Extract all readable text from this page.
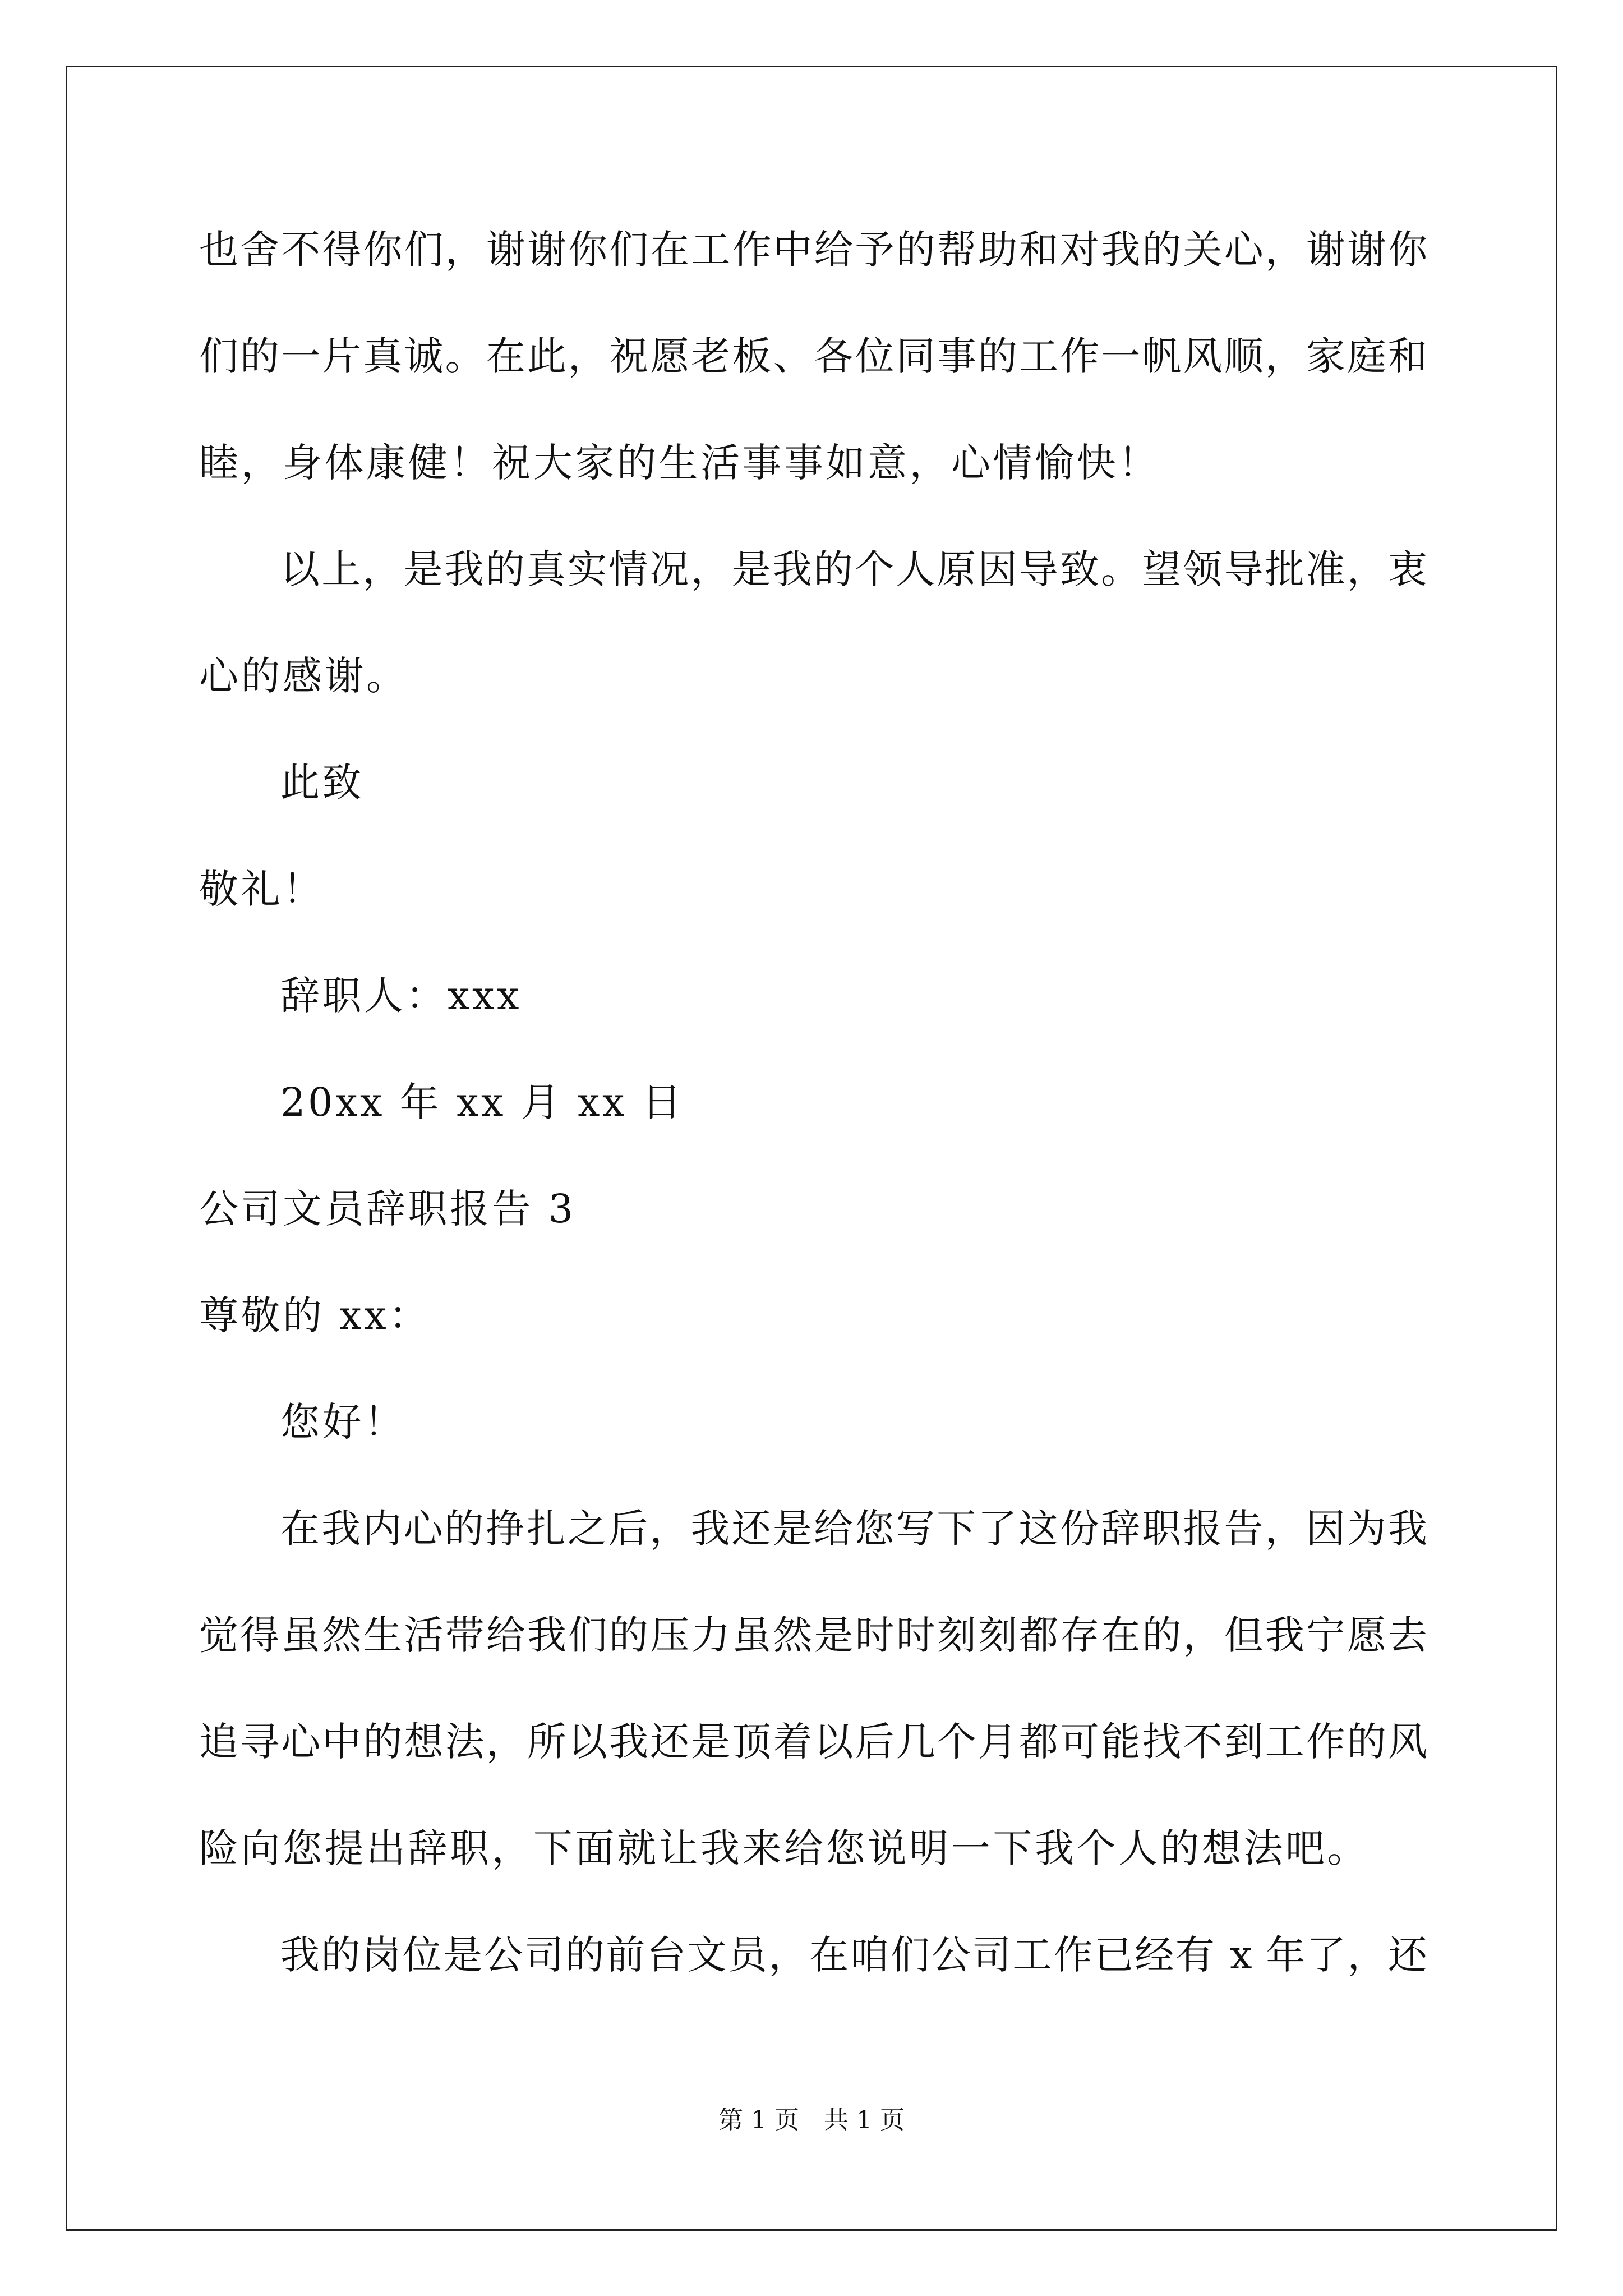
也舍不得你们，谢谢你们在工作中给予的帮助和对我的关心，谢谢你
们的一片真诚。在此，祝愿老板、各位同事的工作一帆风顺，家庭和
睦，身体康健！祝大家的生活事事如意，心情愉快！
以上，是我的真实情况，是我的个人原因导致。望领导批准，衷
心的感谢。
此致
敬礼！
辞职人：xxx
20xx 年 xx 月 xx 日
公司文员辞职报告 3
尊敬的 xx：
您好！
在我内心的挣扎之后，我还是给您写下了这份辞职报告，因为我
觉得虽然生活带给我们的压力虽然是时时刻刻都存在的，但我宁愿去
追寻心中的想法，所以我还是顶着以后几个月都可能找不到工作的风
险向您提出辞职，下面就让我来给您说明一下我个人的想法吧。
我的岗位是公司的前台文员，在咱们公司工作已经有 x 年了，还
第 1 页　共 1 页
